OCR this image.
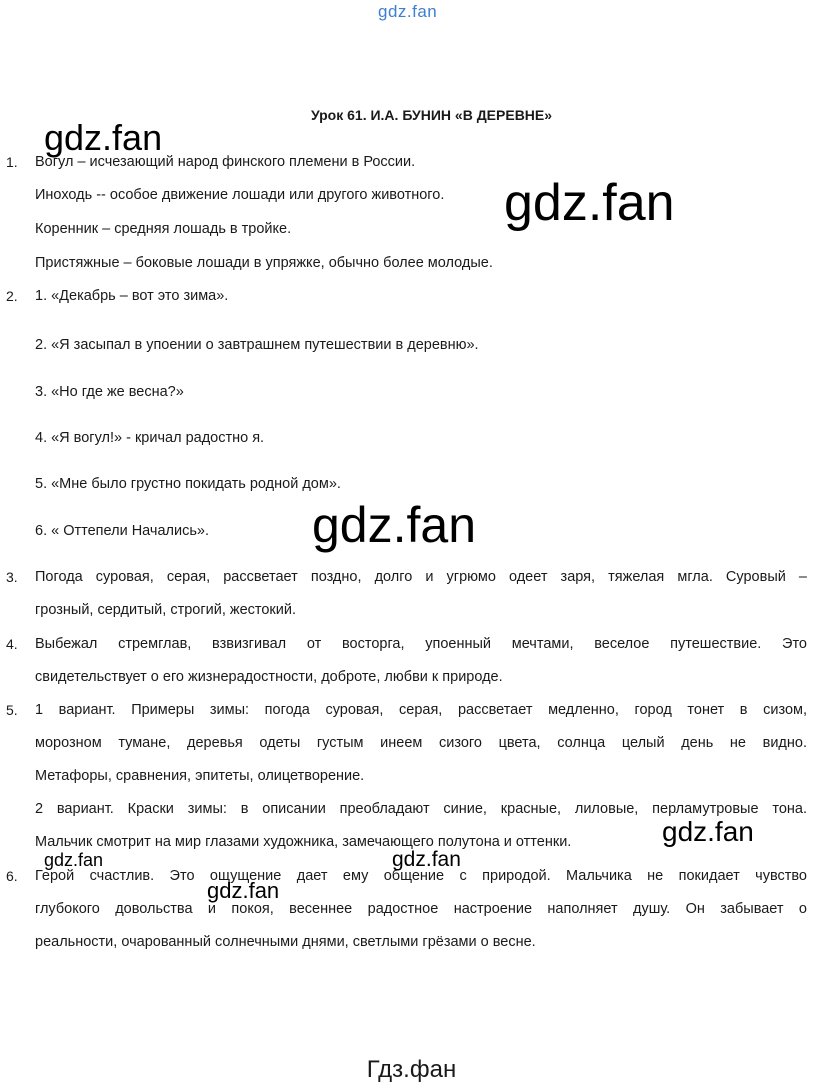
gdz.fan
Урок 61. И.А. БУНИН «В ДЕРЕВНЕ»
1. Вогул – исчезающий народ финского племени в России.
Иноходь -- особое движение лошади или другого животного.
Коренник – средняя лошадь в тройке.
Пристяжные – боковые лошади в упряжке, обычно более молодые.
2. 1. «Декабрь – вот это зима».
2. «Я засыпал в упоении о завтрашнем путешествии в деревню».
3. «Но где же весна?»
4. «Я вогул!» - кричал радостно я.
5. «Мне было грустно покидать родной дом».
6. « Оттепели Начались».
3. Погода суровая, серая, рассветает поздно, долго и угрюмо одеет заря, тяжелая мгла. Суровый –
грозный, сердитый, строгий, жестокий.
4. Выбежал стремглав, взвизгивал от восторга, упоенный мечтами, веселое путешествие. Это
свидетельствует о его жизнерадостности, доброте, любви к природе.
5. 1 вариант. Примеры зимы: погода суровая, серая, рассветает медленно, город тонет в сизом,
морозном тумане, деревья одеты густым инеем сизого цвета, солнца целый день не видно.
Метафоры, сравнения, эпитеты, олицетворение.
2 вариант. Краски зимы: в описании преобладают синие, красные, лиловые, перламутровые тона.
Мальчик смотрит на мир глазами художника, замечающего полутона и оттенки.
6. Герой счастлив. Это ощущение дает ему общение с природой. Мальчика не покидает чувство
глубокого довольства и покоя, весеннее радостное настроение наполняет душу. Он забывает о
реальности, очарованный солнечными днями, светлыми грёзами о весне.
gdz.fan
gdz.fan
gdz.fan
gdz.fan
gdz.fan	gdz.fan
gdz.fan
Гдз.фан
